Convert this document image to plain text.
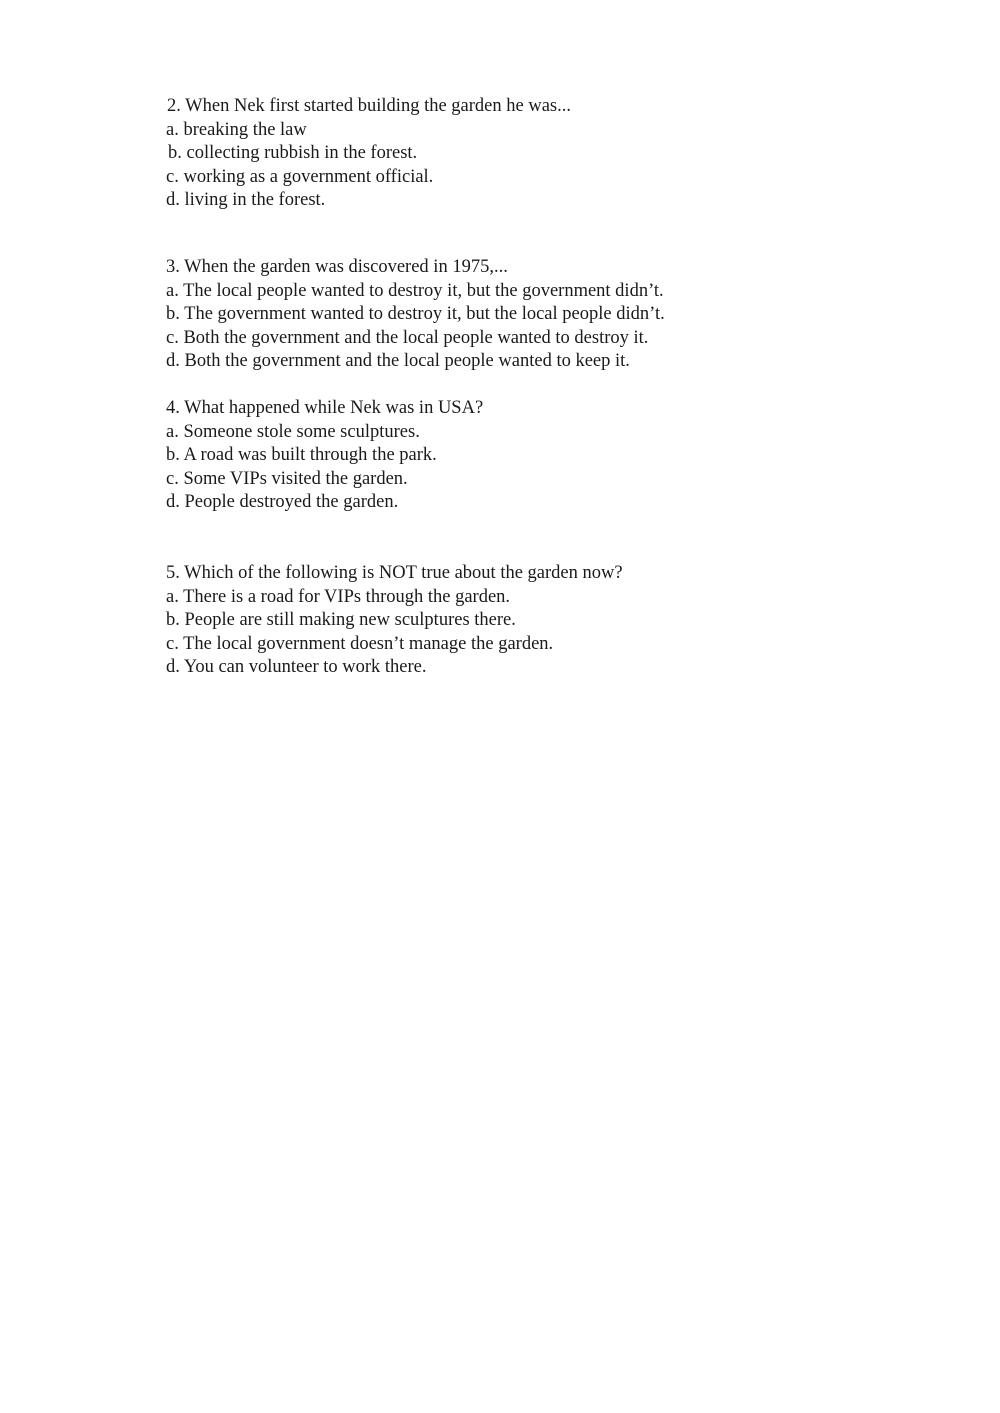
2. When Nek first started building the garden he was...

a. breaking the law

b. collecting rubbish in the forest.

c. working as a government official.

d. living in the forest.

3. When the garden was discovered in 1975,...

a. The local people wanted to destroy it, but the government didn’t.

b. The government wanted to destroy it, but the local people didn’t.

c. Both the government and the local people wanted to destroy it.

d. Both the government and the local people wanted to keep it.

4. What happened while Nek was in USA?

a. Someone stole some sculptures.

b. A road was built through the park.

c. Some VIPs visited the garden.

d. People destroyed the garden.

5. Which of the following is NOT true about the garden now?

a. There is a road for VIPs through the garden.

b. People are still making new sculptures there.

c. The local government doesn’t manage the garden.

d. You can volunteer to work there.
